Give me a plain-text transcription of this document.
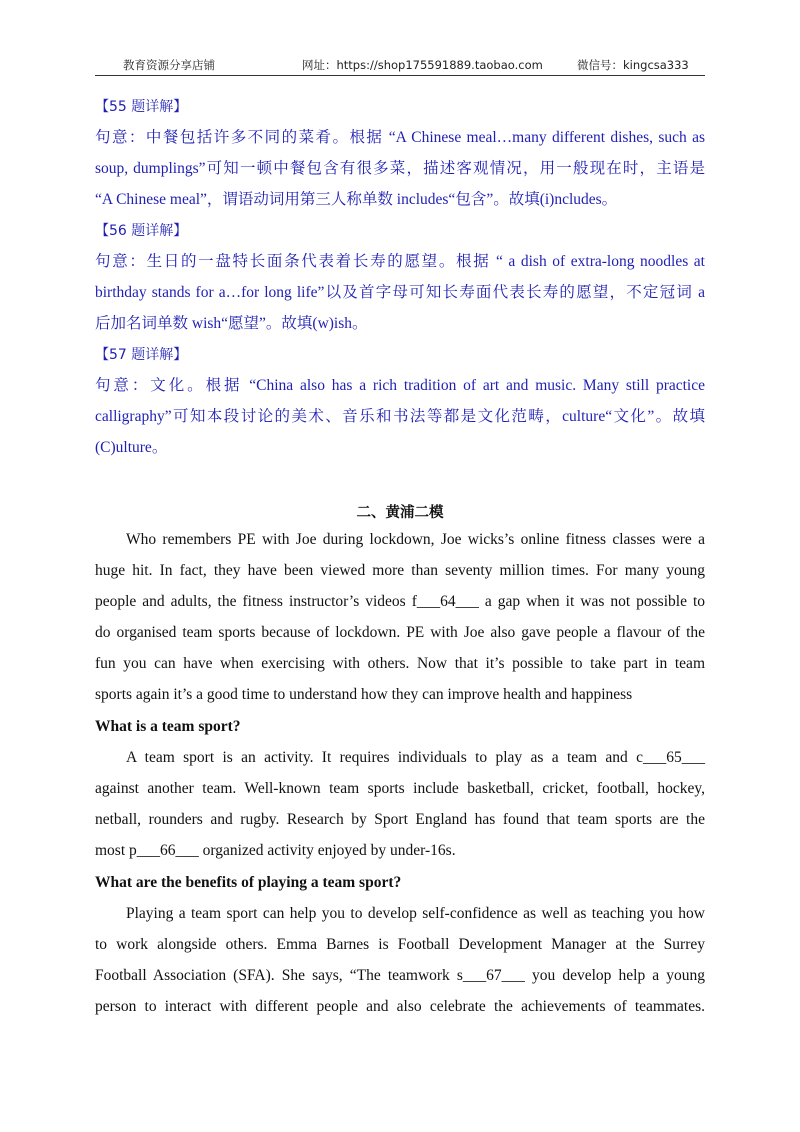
教育资源分享店铺	网址：https://shop175591889.taobao.com	微信号：kingcsa333
【55 题详解】
句意：中餐包括许多不同的菜肴。根据 “A Chinese meal…many different dishes, such as
soup, dumplings”可知一顿中餐包含有很多菜，描述客观情况，用一般现在时，主语是
“A Chinese meal”，谓语动词用第三人称单数 includes“包含”。故填(i)ncludes。
【56 题详解】
句意：生日的一盘特长面条代表着长寿的愿望。根据 “ a dish of extra-long noodles at
birthday stands for a…for long life”以及首字母可知长寿面代表长寿的愿望，不定冠词 a
后加名词单数 wish“愿望”。故填(w)ish。
【57 题详解】
句意：文化。根据 “China also has a rich tradition of art and music. Many still practice
calligraphy”可知本段讨论的美术、音乐和书法等都是文化范畴，culture“文化”。故填
(C)ulture。
二、黄浦二模
Who remembers PE with Joe during lockdown, Joe wicks’s online fitness classes were a
huge hit. In fact, they have been viewed more than seventy million times. For many young
people and adults, the fitness instructor’s videos f___64___ a gap when it was not possible to
do organised team sports because of lockdown. PE with Joe also gave people a flavour of the
fun you can have when exercising with others. Now that it’s possible to take part in team
sports again it’s a good time to understand how they can improve health and happiness
What is a team sport?
A team sport is an activity. It requires individuals to play as a team and c___65___
against another team. Well-known team sports include basketball, cricket, football, hockey,
netball, rounders and rugby. Research by Sport England has found that team sports are the
most p___66___ organized activity enjoyed by under-16s.
What are the benefits of playing a team sport?
Playing a team sport can help you to develop self-confidence as well as teaching you how
to work alongside others. Emma Barnes is Football Development Manager at the Surrey
Football Association (SFA). She says, “The teamwork s___67___ you develop help a young
person to interact with different people and also celebrate the achievements of teammates.
